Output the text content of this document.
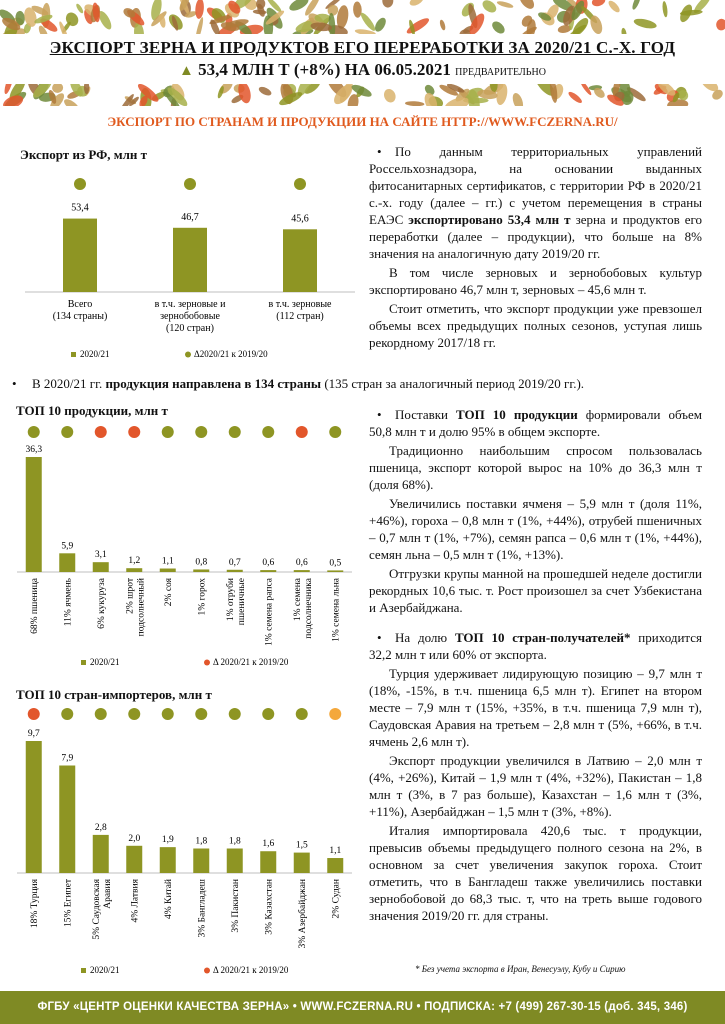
ЭКСПОРТ ЗЕРНА И ПРОДУКТОВ ЕГО ПЕРЕРАБОТКИ ЗА 2020/21 С.-Х. ГОД
▲ 53,4 МЛН Т (+8%) НА 06.05.2021 ПРЕДВАРИТЕЛЬНО
ЭКСПОРТ ПО СТРАНАМ И ПРОДУКЦИИ НА САЙТЕ HTTP://WWW.FCZERNA.RU/
Экспорт из РФ, млн т
53,4
Всего
(134 страны)
46,7
в т.ч. зерновые и
зернобобовые
(120 стран)
45,6
в т.ч. зерновые
(112 стран)
2020/21	Δ2020/21 к 2019/20

• По данным территориальных управлений Россельхознадзора, на основании выданных фитосанитарных сертификатов, с территории РФ в 2020/21 с.-х. году (далее – гг.) с учетом перемещения в страны ЕАЭС экспортировано 53,4 млн т зерна и продуктов его переработки (далее – продукции), что больше на 8% значения на аналогичную дату 2019/20 гг.

В том числе зерновых и зернобобовых культур экспортировано 46,7 млн т, зерновых – 45,6 млн т.

Стоит отметить, что экспорт продукции уже превзошел объемы всех предыдущих полных сезонов, уступая лишь рекордному 2017/18 гг.

• В 2020/21 гг. продукция направлена в 134 страны (135 стран за аналогичный период 2019/20 гг.).
ТОП 10 продукции, млн т
36,3
68% пшеница
5,9
11% ячмень
3,1
6% кукуруза
1,2
2% шрот подсолнечный
1,1
2% соя
0,8
1% горох
0,7
1% отруби пшеничные
0,6
1% семена рапса
0,6
1% семена подсолнечника
0,5
1% семена льна
2020/21	Δ 2020/21 к 2019/20
ТОП 10 стран-импортеров, млн т
9,7
18% Турция
7,9
15% Египет
2,8
5% Саудовская Аравия
2,0
4% Латвия
1,9
4% Китай
1,8
3% Бангладеш
1,8
3% Пакистан
1,6
3% Казахстан
1,5
3% Азербайджан
1,1
2% Судан
2020/21	Δ 2020/21 к 2019/20

• Поставки ТОП 10 продукции формировали объем 50,8 млн т и долю 95% в общем экспорте.

Традиционно наибольшим спросом пользовалась пшеница, экспорт которой вырос на 10% до 36,3 млн т (доля 68%).

Увеличились поставки ячменя – 5,9 млн т (доля 11%, +46%), гороха – 0,8 млн т (1%, +44%), отрубей пшеничных – 0,7 млн т (1%, +7%), семян рапса – 0,6 млн т (1%, +44%), семян льна – 0,5 млн т (1%, +13%).

Отгрузки крупы манной на прошедшей неделе достигли рекордных 10,6 тыс. т. Рост произошел за счет Узбекистана и Азербайджана.

• На долю ТОП 10 стран-получателей* приходится 32,2 млн т или 60% от экспорта.

Турция удерживает лидирующую позицию – 9,7 млн т (18%, -15%, в т.ч. пшеница 6,5 млн т). Египет на втором месте – 7,9 млн т (15%, +35%, в т.ч. пшеница 7,9 млн т), Саудовская Аравия на третьем – 2,8 млн т (5%, +66%, в т.ч. ячмень 2,6 млн т).

Экспорт продукции увеличился в Латвию – 2,0 млн т (4%, +26%), Китай – 1,9 млн т (4%, +32%), Пакистан – 1,8 млн т (3%, в 7 раз больше), Казахстан – 1,6 млн т (3%, +11%), Азербайджан – 1,5 млн т (3%, +8%).

Италия импортировала 420,6 тыс. т продукции, превысив объемы предыдущего полного сезона на 2%, в основном за счет увеличения закупок гороха. Стоит отметить, что в Бангладеш также увеличились поставки зернобобовой до 68,3 тыс. т, что на треть выше годового значения 2019/20 гг. для страны.

* Без учета экспорта в Иран, Венесуэлу, Кубу и Сирию
ФГБУ «ЦЕНТР ОЦЕНКИ КАЧЕСТВА ЗЕРНА» • WWW.FCZERNA.RU • ПОДПИСКА: +7 (499) 267-30-15 (доб. 345, 346)
